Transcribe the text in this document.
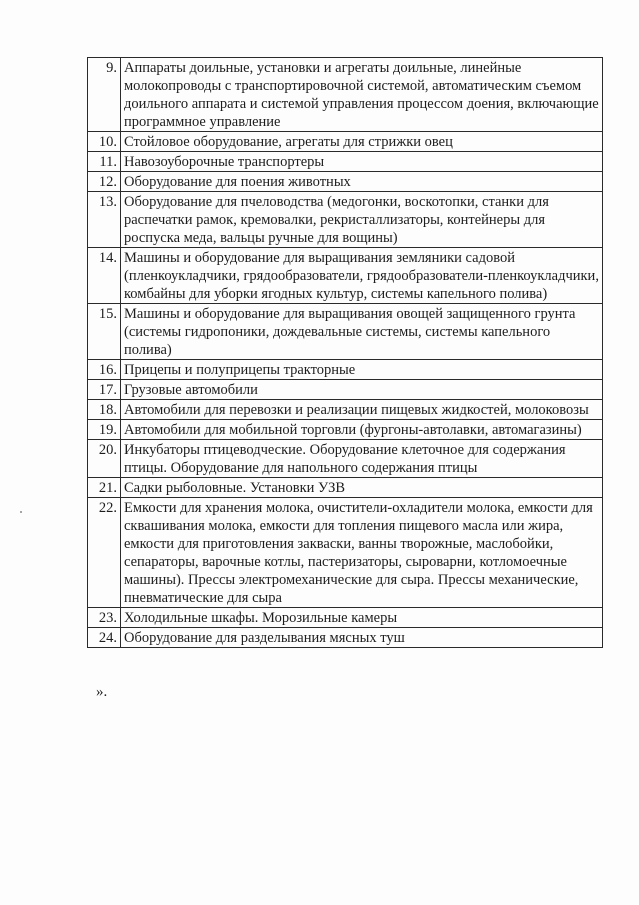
9.	Аппараты доильные, установки и агрегаты доильные, линейные молокопроводы с транспортировочной системой, автоматическим съемом доильного аппарата и системой управления процессом доения, включающие программное управление
10.	Стойловое оборудование, агрегаты для стрижки овец
11.	Навозоуборочные транспортеры
12.	Оборудование для поения животных
13.	Оборудование для пчеловодства (медогонки, воскотопки, станки для распечатки рамок, кремовалки, рекристаллизаторы, контейнеры для роспуска меда, вальцы ручные для вощины)
14.	Машины и оборудование для выращивания земляники садовой (пленкоукладчики, грядообразователи, грядообразователи-пленкоукладчики, комбайны для уборки ягодных культур, системы капельного полива)
15.	Машины и оборудование для выращивания овощей защищенного грунта (системы гидропоники, дождевальные системы, системы капельного полива)
16.	Прицепы и полуприцепы тракторные
17.	Грузовые автомобили
18.	Автомобили для перевозки и реализации пищевых жидкостей, молоковозы
19.	Автомобили для мобильной торговли (фургоны-автолавки, автомагазины)
20.	Инкубаторы птицеводческие. Оборудование клеточное для содержания птицы. Оборудование для напольного содержания птицы
21.	Садки рыболовные. Установки УЗВ
22.	Емкости для хранения молока, очистители-охладители молока, емкости для сквашивания молока, емкости для топления пищевого масла или жира, емкости для приготовления закваски, ванны творожные, маслобойки, сепараторы, варочные котлы, пастеризаторы, сыроварни, котломоечные машины). Прессы электромеханические для сыра. Прессы механические, пневматические для сыра
23.	Холодильные шкафы. Морозильные камеры
24.	Оборудование для разделывания мясных туш
».
